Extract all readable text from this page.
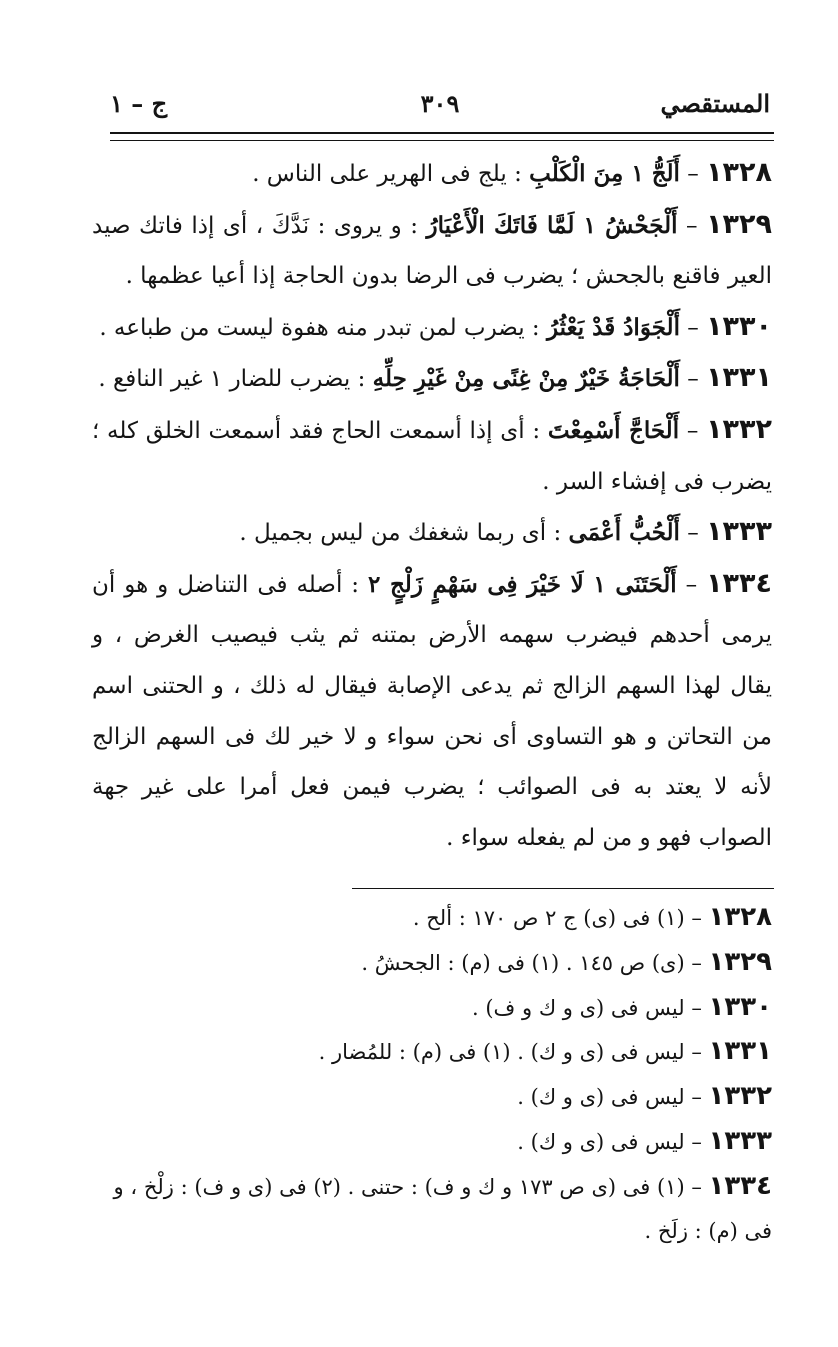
المستقصي
٣٠٩
ج – ١

١٣٢٨ – أَلَجُّ ١ مِنَ الْكَلْبِ : يلج فى الهرير على الناس .

١٣٢٩ – أَلْجَحْشُ ١ لَمَّا فَاتَكَ الْأَعْيَارُ : و يروى : نَدَّكَ ، أى إذا فاتك صيد العير فاقنع بالجحش ؛ يضرب فى الرضا بدون الحاجة إذا أعيا عظمها .

١٣٣٠ – أَلْجَوَادُ قَدْ يَعْثُرُ : يضرب لمن تبدر منه هفوة ليست من طباعه .

١٣٣١ – أَلْحَاجَةُ خَيْرٌ مِنْ غِنًى مِنْ غَيْرِ حِلِّهِ : يضرب للضار ١ غير النافع .

١٣٣٢ – أَلْحَاجَّ أَسْمِعْتَ : أى إذا أسمعت الحاج فقد أسمعت الخلق كله ؛ يضرب فى إفشاء السر .

١٣٣٣ – أَلْحُبُّ أَعْمَى : أى ربما شغفك من ليس بجميل .

١٣٣٤ – أَلْحَتَنَى ١ لَا خَيْرَ فِى سَهْمٍ زَلْجٍ ٢ : أصله فى التناضل و هو أن يرمى أحدهم فيضرب سهمه الأرض بمتنه ثم يثب فيصيب الغرض ، و يقال لهذا السهم الزالج ثم يدعى الإصابة فيقال له ذلك ، و الحتنى اسم من التحاتن و هو التساوى أى نحن سواء و لا خير لك فى السهم الزالج لأنه لا يعتد به فى الصوائب ؛ يضرب فيمن فعل أمرا على غير جهة الصواب فهو و من لم يفعله سواء .

١٣٢٨ – (١) فى (ى) ج ٢ ص ١٧٠ : ألح .

١٣٢٩ – (ى) ص ١٤٥ . (١) فى (م) : الجحشُ .

١٣٣٠ – ليس فى (ى و ك و ف) .

١٣٣١ – ليس فى (ى و ك) . (١) فى (م) : للمُضار .

١٣٣٢ – ليس فى (ى و ك) .

١٣٣٣ – ليس فى (ى و ك) .

١٣٣٤ – (١) فى (ى ص ١٧٣ و ك و ف) : حتنى . (٢) فى (ى و ف) : زلْخ ، و فى (م) : زلَخ .
